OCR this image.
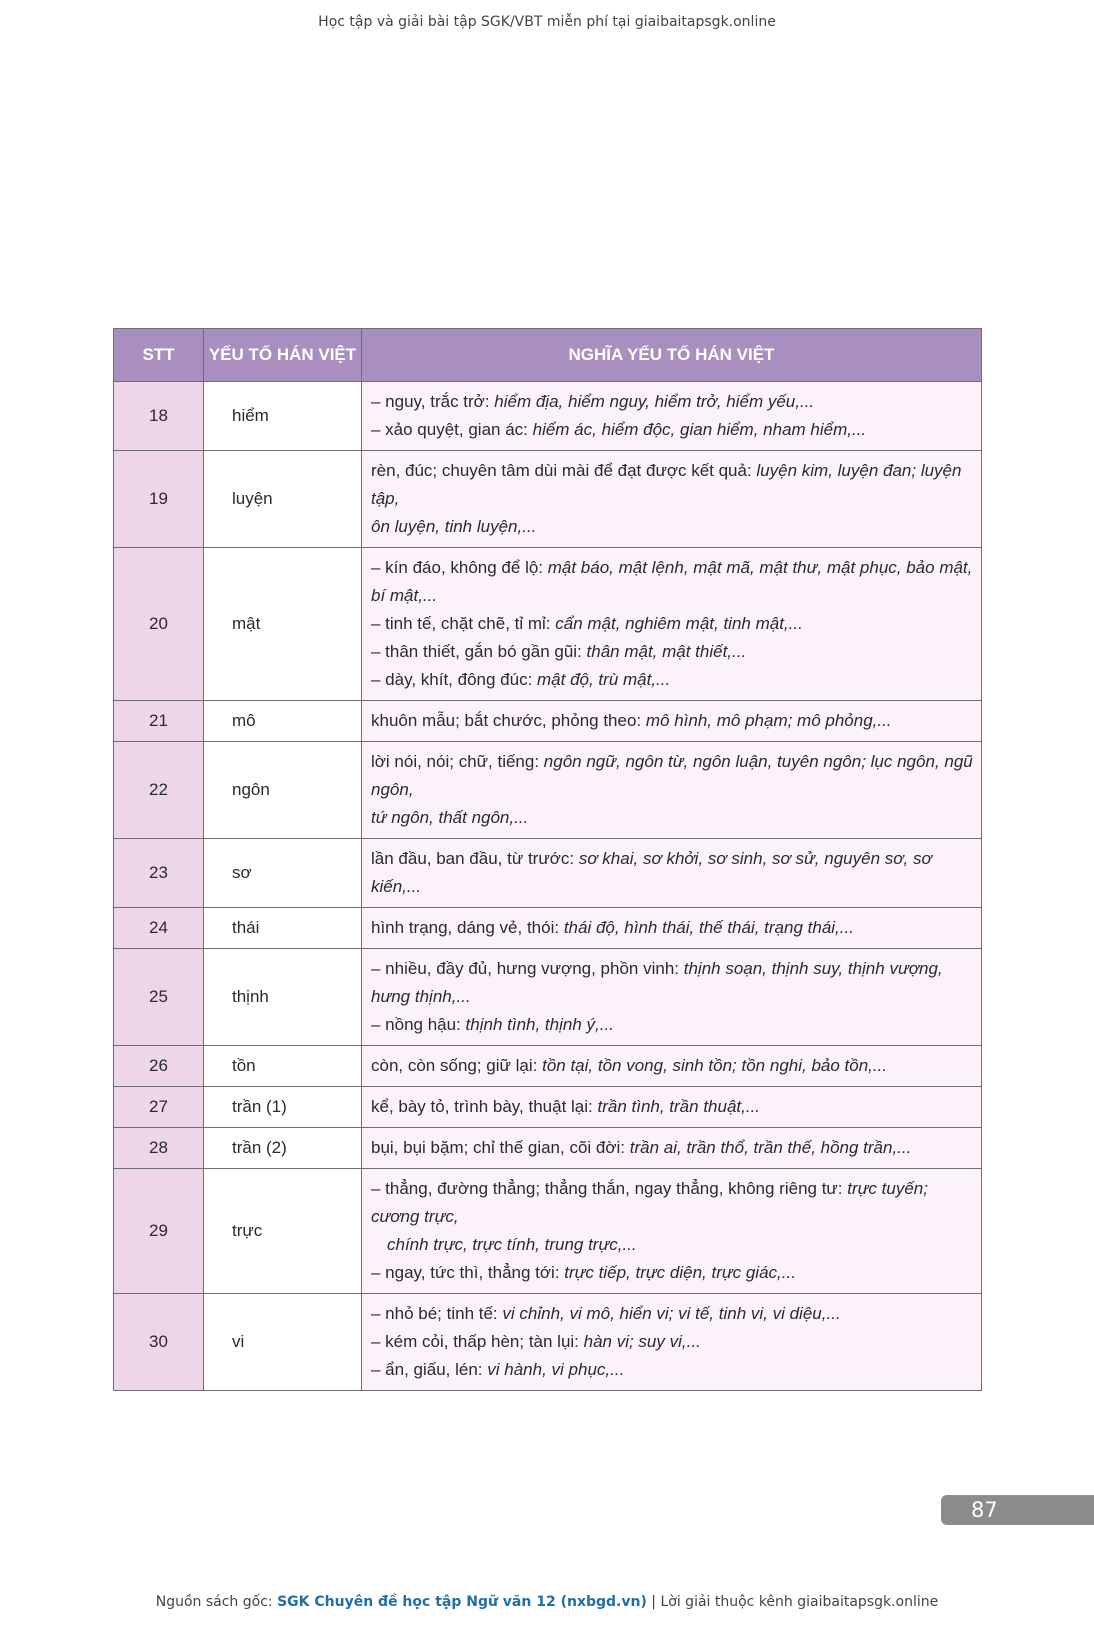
Học tập và giải bài tập SGK/VBT miễn phí tại giaibaitapsgk.online
STT	YẾU TỐ HÁN VIỆT	NGHĨA YẾU TỐ HÁN VIỆT
18	hiểm	– nguy, trắc trở: hiểm địa, hiểm nguy, hiểm trở, hiểm yếu,...
– xảo quyệt, gian ác: hiểm ác, hiểm độc, gian hiểm, nham hiểm,...

19	luyện	rèn, đúc; chuyên tâm dùi mài để đạt được kết quả: luyện kim, luyện đan; luyện tập,
ôn luyện, tinh luyện,...

20	mật	– kín đáo, không để lộ: mật báo, mật lệnh, mật mã, mật thư, mật phục, bảo mật, bí mật,...
– tinh tế, chặt chẽ, tỉ mỉ: cẩn mật, nghiêm mật, tinh mật,...
– thân thiết, gắn bó gần gũi: thân mật, mật thiết,...
– dày, khít, đông đúc: mật độ, trù mật,...

21	mô	khuôn mẫu; bắt chước, phỏng theo: mô hình, mô phạm; mô phỏng,...

22	ngôn	lời nói, nói; chữ, tiếng: ngôn ngữ, ngôn từ, ngôn luận, tuyên ngôn; lục ngôn, ngũ ngôn,
tứ ngôn, thất ngôn,...

23	sơ	lần đầu, ban đầu, từ trước: sơ khai, sơ khởi, sơ sinh, sơ sử, nguyên sơ, sơ kiến,...

24	thái	hình trạng, dáng vẻ, thói: thái độ, hình thái, thế thái, trạng thái,...

25	thịnh	– nhiều, đầy đủ, hưng vượng, phồn vinh: thịnh soạn, thịnh suy, thịnh vượng, hưng thịnh,...
– nồng hậu: thịnh tình, thịnh ý,...

26	tồn	còn, còn sống; giữ lại: tồn tại, tồn vong, sinh tồn; tồn nghi, bảo tồn,...

27	trần (1)	kể, bày tỏ, trình bày, thuật lại: trần tình, trần thuật,...

28	trần (2)	bụi, bụi bặm; chỉ thế gian, cõi đời: trần ai, trần thổ, trần thế, hồng trần,...

29	trực	– thẳng, đường thẳng; thẳng thắn, ngay thẳng, không riêng tư: trực tuyến; cương trực,
chính trực, trực tính, trung trực,...
– ngay, tức thì, thẳng tới: trực tiếp, trực diện, trực giác,...

30	vi	– nhỏ bé; tinh tế: vi chỉnh, vi mô, hiển vi; vi tế, tinh vi, vi diệu,...
– kém cỏi, thấp hèn; tàn lụi: hàn vi; suy vi,...
– ẩn, giấu, lén: vi hành, vi phục,...
87
Nguồn sách gốc: SGK Chuyên đề học tập Ngữ văn 12 (nxbgd.vn) | Lời giải thuộc kênh giaibaitapsgk.online
